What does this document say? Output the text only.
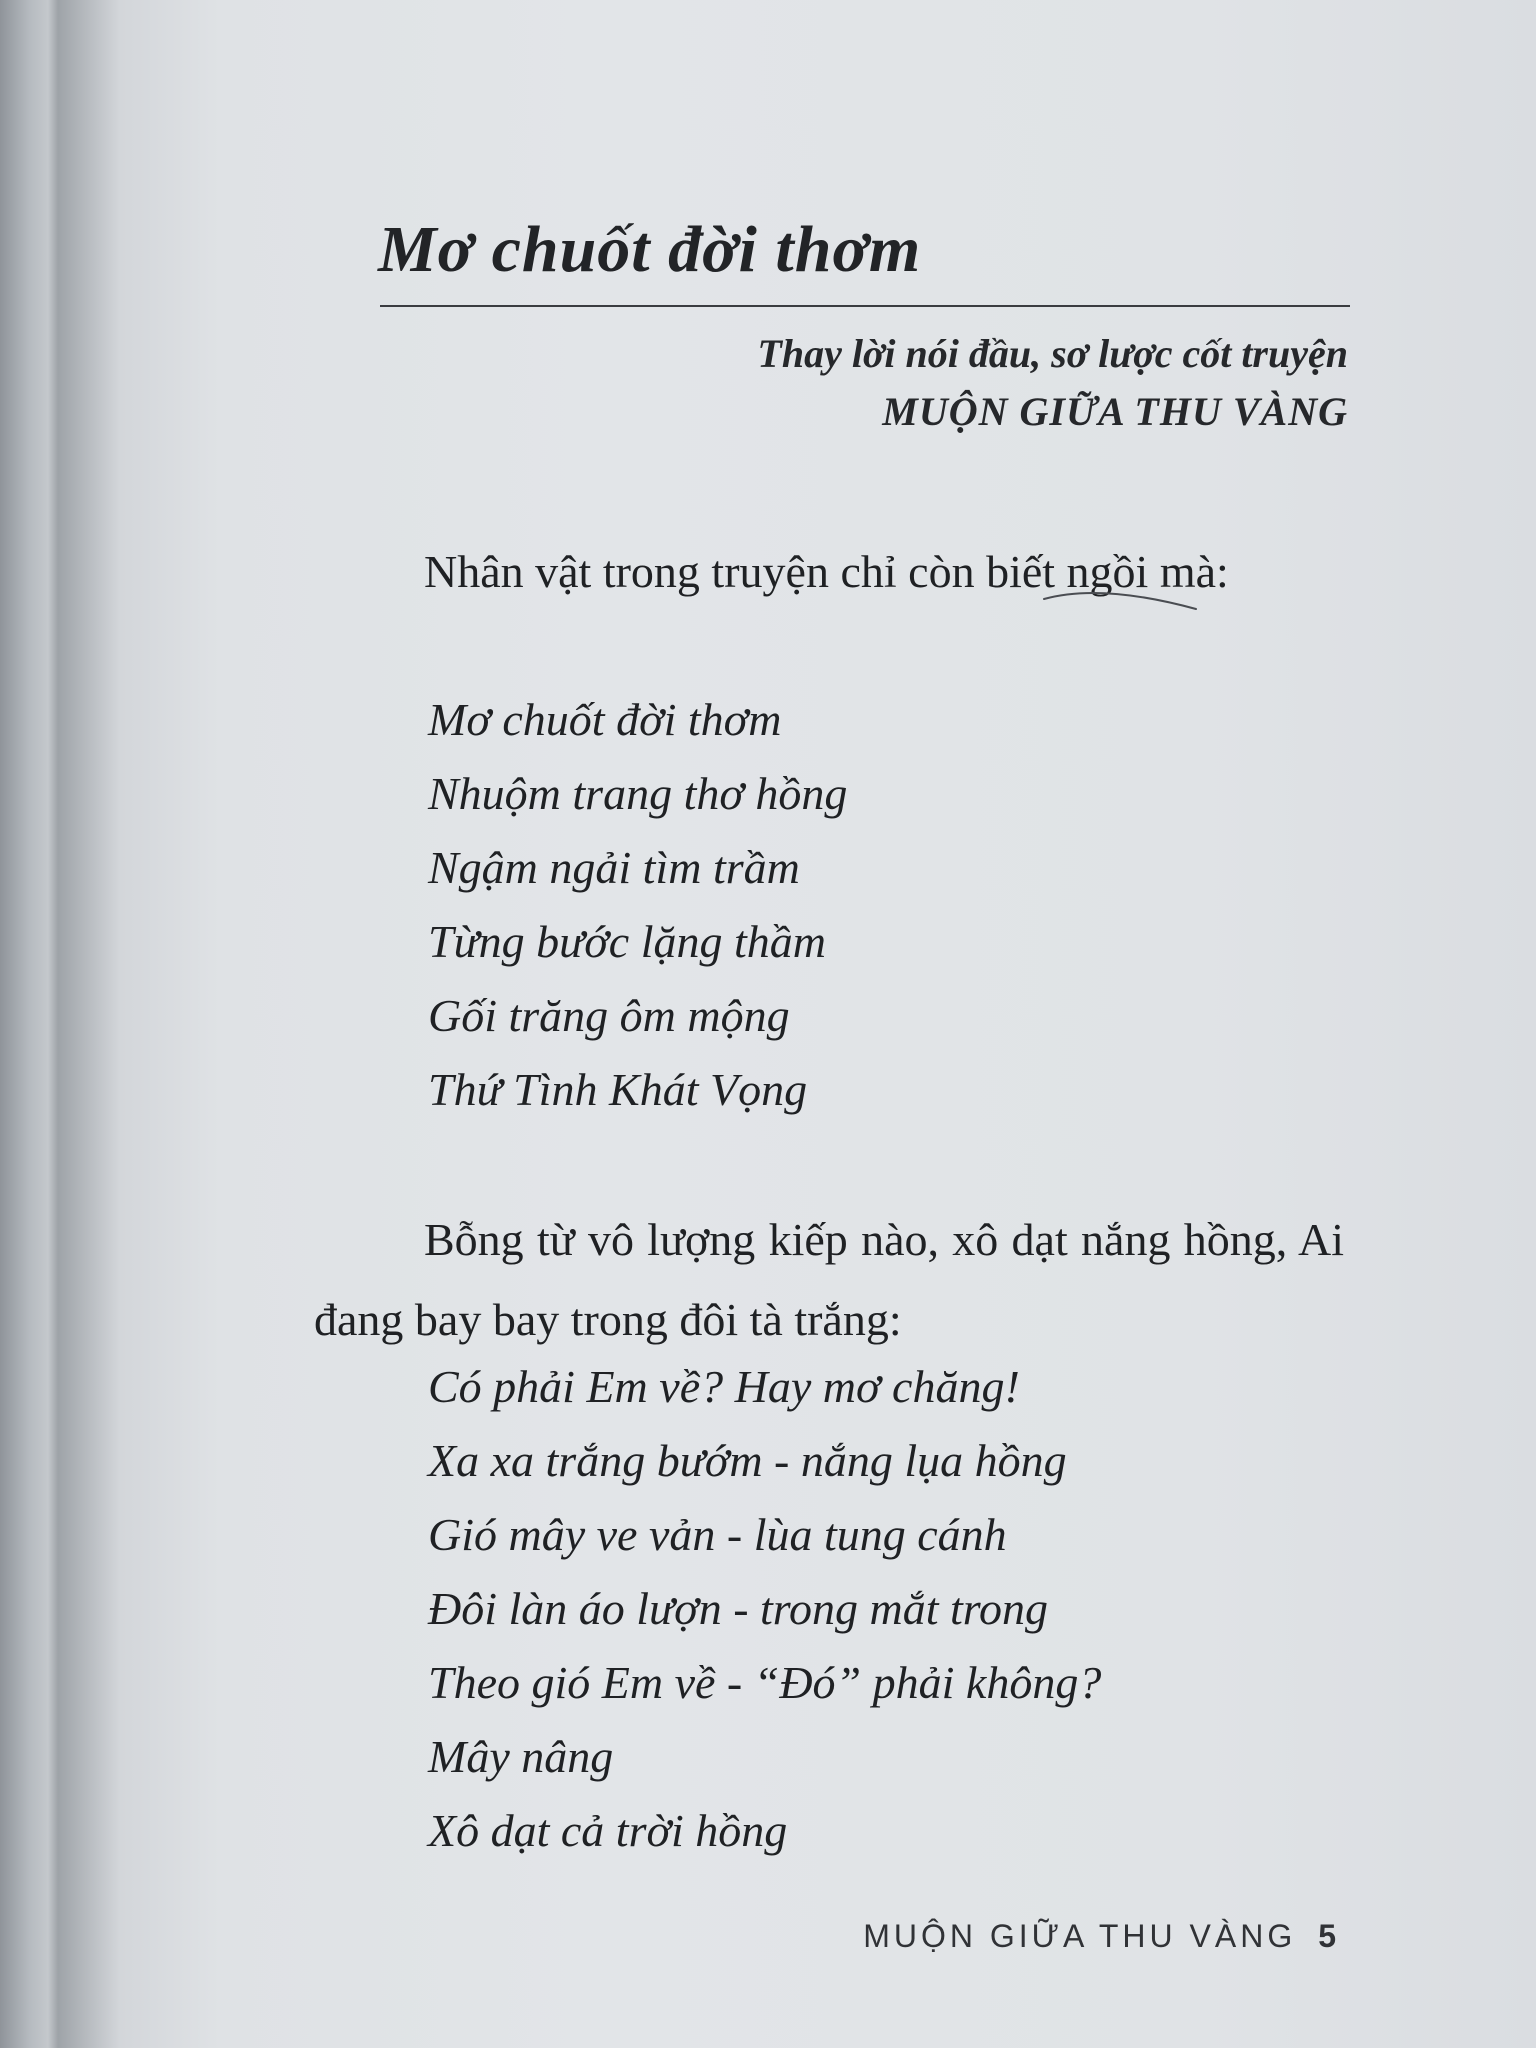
Mơ chuốt đời thơm
Thay lời nói đầu, sơ lược cốt truyện
MUỘN GIỮA THU VÀNG
Nhân vật trong truyện chỉ còn biết ngồi mà:
Mơ chuốt đời thơm
Nhuộm trang thơ hồng
Ngậm ngải tìm trầm
Từng bước lặng thầm
Gối trăng ôm mộng
Thứ Tình Khát Vọng
Bỗng từ vô lượng kiếp nào, xô dạt nắng hồng, Ai đang bay bay trong đôi tà trắng:
Có phải Em về? Hay mơ chăng!
Xa xa trắng bướm - nắng lụa hồng
Gió mây ve vản - lùa tung cánh
Đôi làn áo lượn - trong mắt trong
Theo gió Em về - “Đó” phải không?
Mây nâng
Xô dạt cả trời hồng
MUỘN GIỮA THU VÀNG 5
